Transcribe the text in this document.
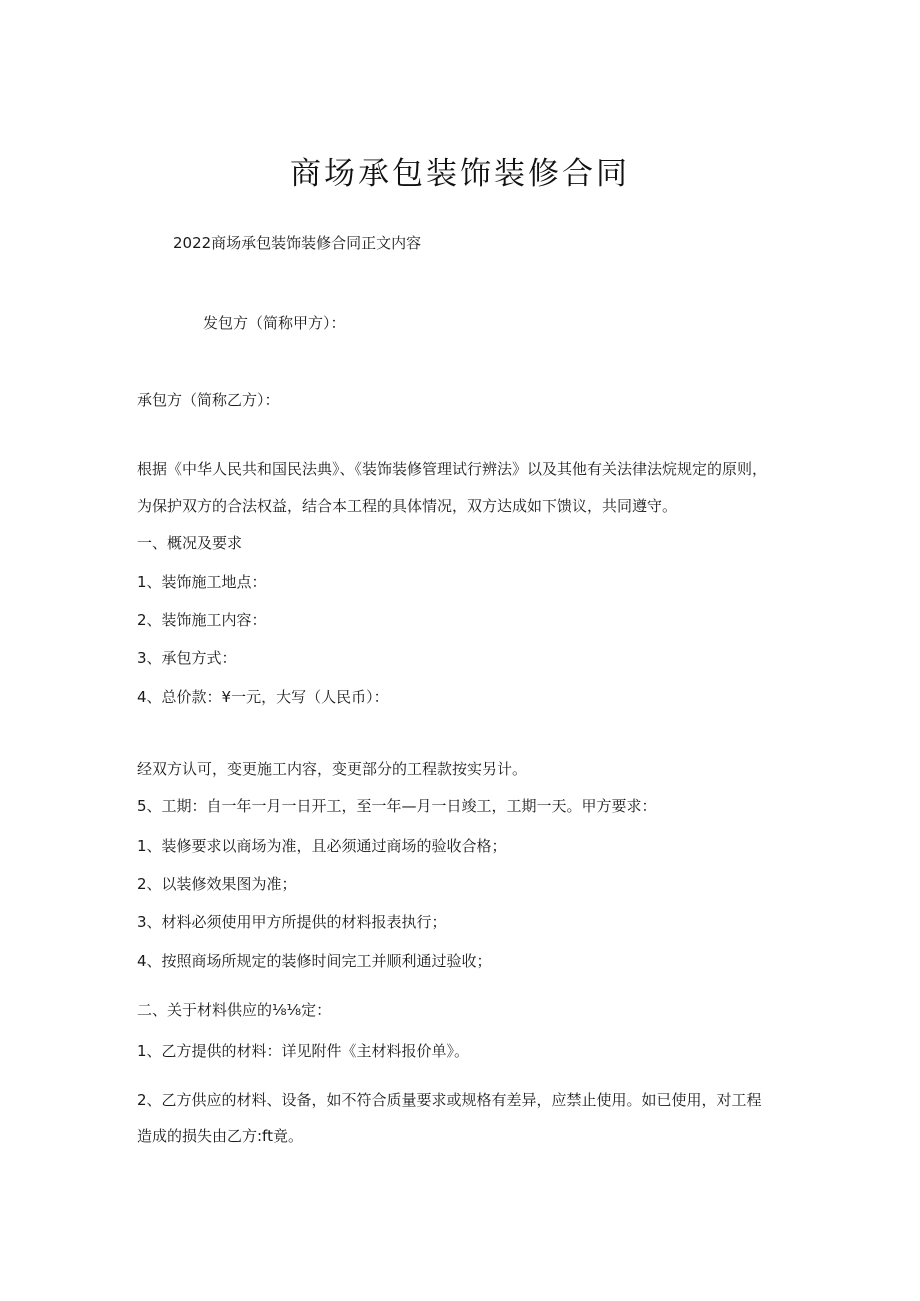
商场承包装饰装修合同
2022商场承包装饰装修合同正文内容
发包方（简称甲方）：
承包方（简称乙方）：
根据《中华人民共和国民法典》、《装饰装修管理试行辨法》以及其他有关法律法烷规定的原则，
为保护双方的合法权益，结合本工程的具体情况，双方达成如下馈议，共同遵守。
一、概况及要求
1、装饰施工地点：
2、装饰施工内容：
3、承包方式：
4、总价款：¥一元，大写（人民币）：
经双方认可，变更施工内容，变更部分的工程款按实另计。
5、工期：自一年一月一日开工，至一年—月一日竣工，工期一天。甲方要求：
1、装修要求以商场为准，且必须通过商场的验收合格；
2、以装修效果图为准；
3、材料必须使用甲方所提供的材料报表执行；
4、按照商场所规定的装修时间完工并顺利通过验收；
二、关于材料供应的⅛⅛定：
1、乙方提供的材料：详见附件《主材料报价单》。
2、乙方供应的材料、设备，如不符合质量要求或规格有差异，应禁止使用。如已使用，对工程
造成的损失由乙方:ft竟。
